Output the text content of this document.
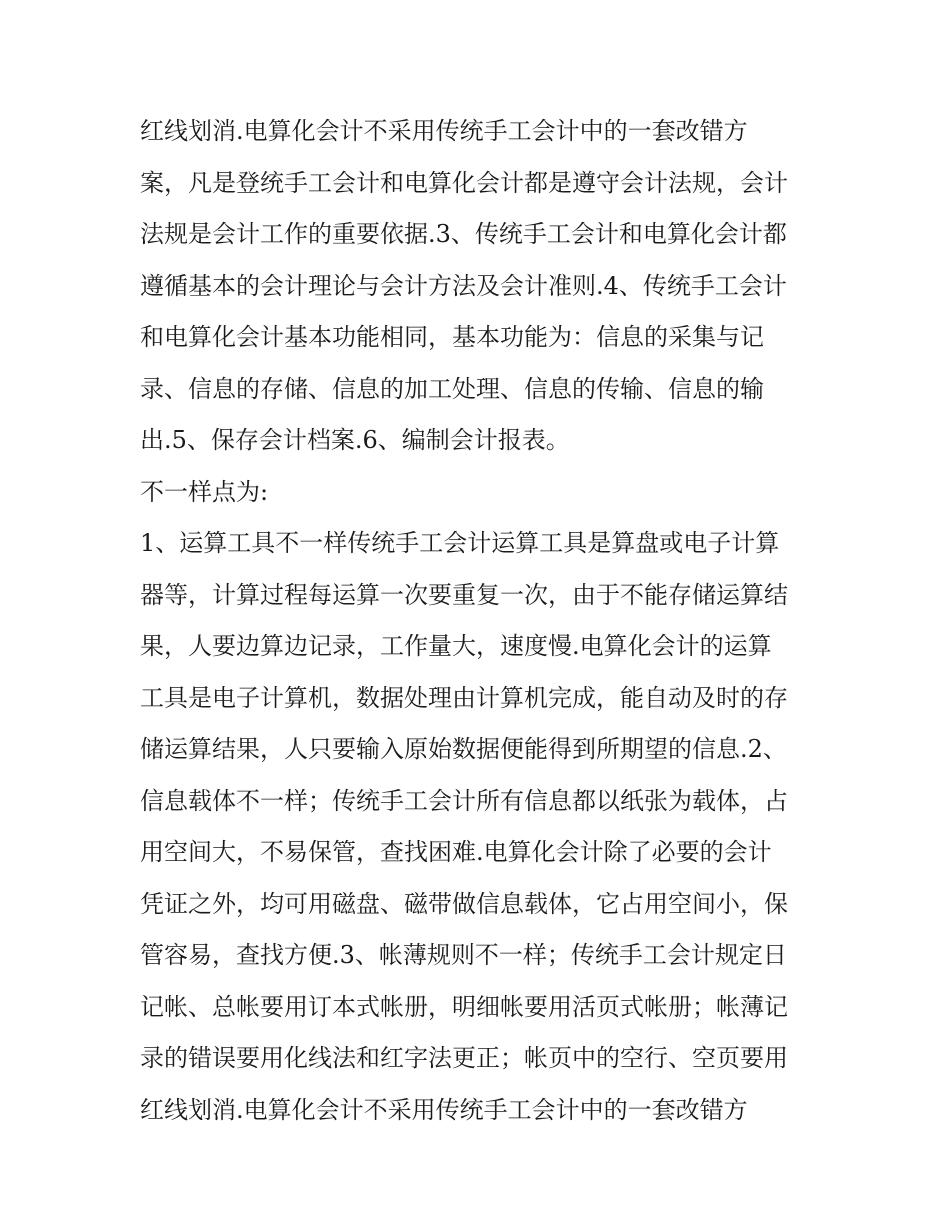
红线划消.电算化会计不采用传统手工会计中的一套改错方
案，凡是登统手工会计和电算化会计都是遵守会计法规，会计
法规是会计工作的重要依据.3、传统手工会计和电算化会计都
遵循基本的会计理论与会计方法及会计准则.4、传统手工会计
和电算化会计基本功能相同，基本功能为：信息的采集与记
录、信息的存储、信息的加工处理、信息的传输、信息的输
出.5、保存会计档案.6、编制会计报表。
不一样点为:
1、运算工具不一样传统手工会计运算工具是算盘或电子计算
器等，计算过程每运算一次要重复一次，由于不能存储运算结
果，人要边算边记录，工作量大，速度慢.电算化会计的运算
工具是电子计算机，数据处理由计算机完成，能自动及时的存
储运算结果，人只要输入原始数据便能得到所期望的信息.2、
信息载体不一样；传统手工会计所有信息都以纸张为载体，占
用空间大，不易保管，查找困难.电算化会计除了必要的会计
凭证之外，均可用磁盘、磁带做信息载体，它占用空间小，保
管容易，查找方便.3、帐薄规则不一样；传统手工会计规定日
记帐、总帐要用订本式帐册，明细帐要用活页式帐册；帐薄记
录的错误要用化线法和红字法更正；帐页中的空行、空页要用
红线划消.电算化会计不采用传统手工会计中的一套改错方
